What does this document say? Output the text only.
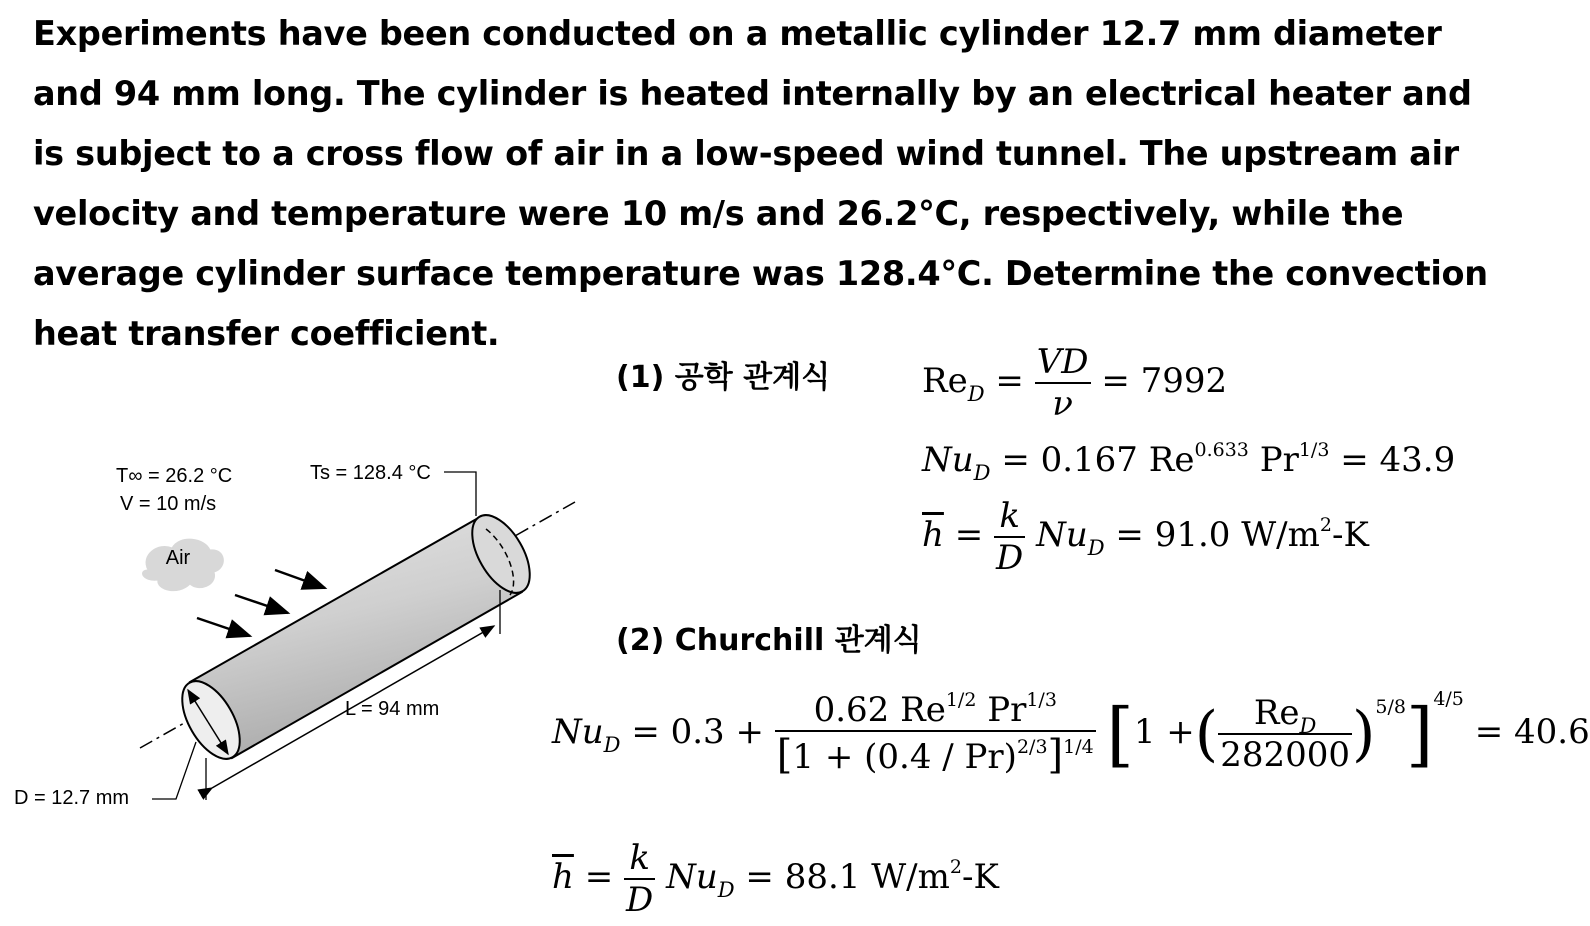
Experiments have been conducted on a metallic cylinder 12.7 mm diameter
and 94 mm long. The cylinder is heated internally by an electrical heater and
is subject to a cross flow of air in a low-speed wind tunnel. The upstream air
velocity and temperature were 10 m/s and 26.2°C, respectively, while the
average cylinder surface temperature was 128.4°C. Determine the convection
heat transfer coefficient.
Air
T∞ = 26.2 °C
V = 10 m/s
Ts = 128.4 °C
L = 94 mm
D = 12.7 mm
(1) 공학 관계식	$Re_D = \frac{VD}{\nu} = 7992$
$Nu_D = 0.167$ $Re^{0.633}$ $Pr^{1/3} = 43.9$
$\overline{h} = \frac{k}{D} Nu_D = 91.0$ $W/m^2-K$
(2) Churchill 관계식
$Nu_D = 0.3 + \frac{0.62 Re^{1/2} Pr^{1/3}}{[1 + (0.4 / Pr)^{2/3}]^{1/4}} [1$ +( $\frac{Re_D}{282000} )^{5/8}]^{4/5} = 40.6$
$\overline{h} = \frac{k}{D} Nu_D = 88.1$ $W/m^2-K$
